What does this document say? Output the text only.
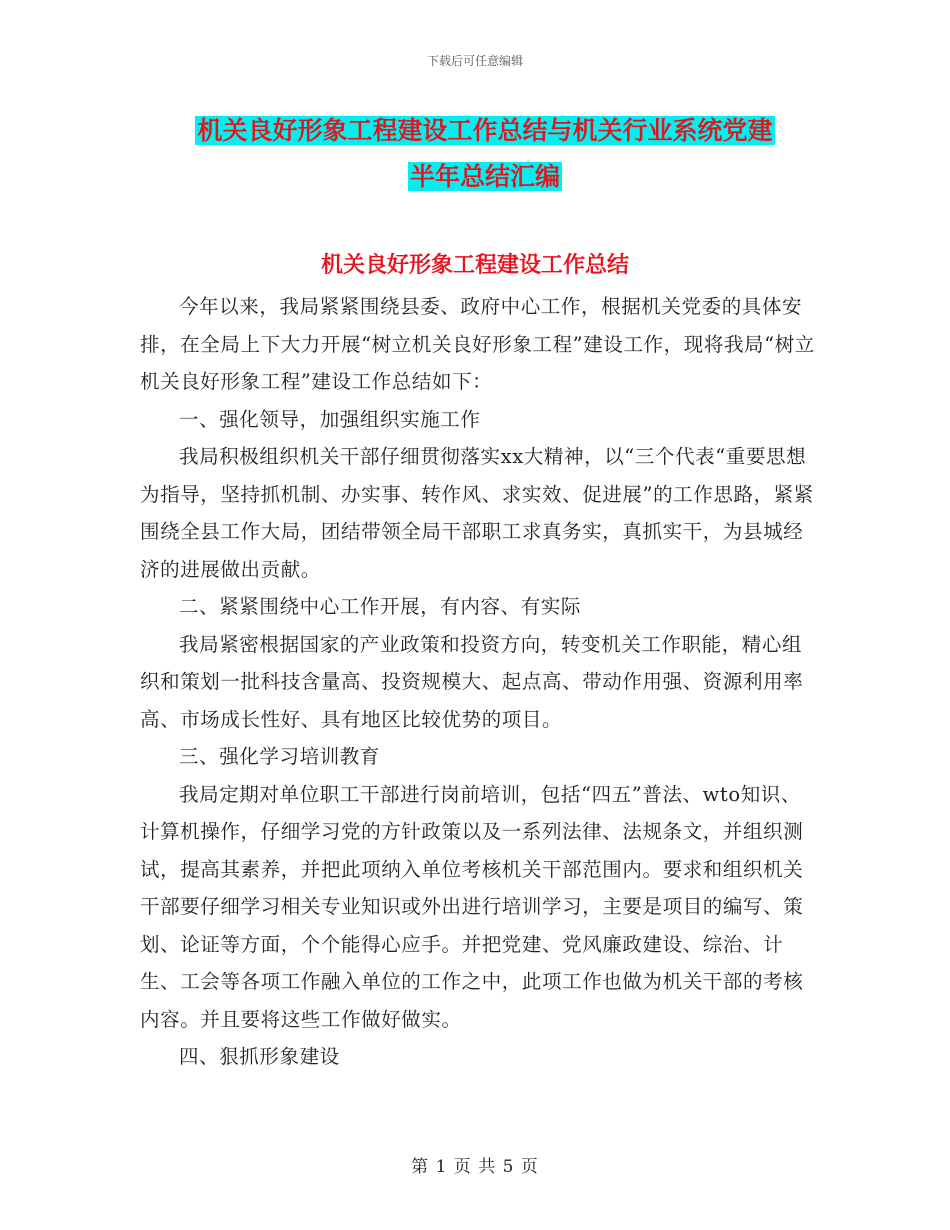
下载后可任意编辑
机关良好形象工程建设工作总结与机关行业系统党建
半年总结汇编
机关良好形象工程建设工作总结

今年以来，我局紧紧围绕县委、政府中心工作，根据机关党委的具体安排，在全局上下大力开展“树立机关良好形象工程”建设工作，现将我局“树立机关良好形象工程”建设工作总结如下：

一、强化领导，加强组织实施工作

我局积极组织机关干部仔细贯彻落实xx大精神，以“三个代表“重要思想为指导，坚持抓机制、办实事、转作风、求实效、促进展”的工作思路，紧紧围绕全县工作大局，团结带领全局干部职工求真务实，真抓实干，为县城经济的进展做出贡献。

二、紧紧围绕中心工作开展，有内容、有实际

我局紧密根据国家的产业政策和投资方向，转变机关工作职能，精心组织和策划一批科技含量高、投资规模大、起点高、带动作用强、资源利用率高、市场成长性好、具有地区比较优势的项目。

三、强化学习培训教育

我局定期对单位职工干部进行岗前培训，包括“四五”普法、wto知识、计算机操作，仔细学习党的方针政策以及一系列法律、法规条文，并组织测试，提高其素养，并把此项纳入单位考核机关干部范围内。要求和组织机关干部要仔细学习相关专业知识或外出进行培训学习，主要是项目的编写、策划、论证等方面，个个能得心应手。并把党建、党风廉政建设、综治、计生、工会等各项工作融入单位的工作之中，此项工作也做为机关干部的考核内容。并且要将这些工作做好做实。

四、狠抓形象建设

第 1 页 共 5 页
